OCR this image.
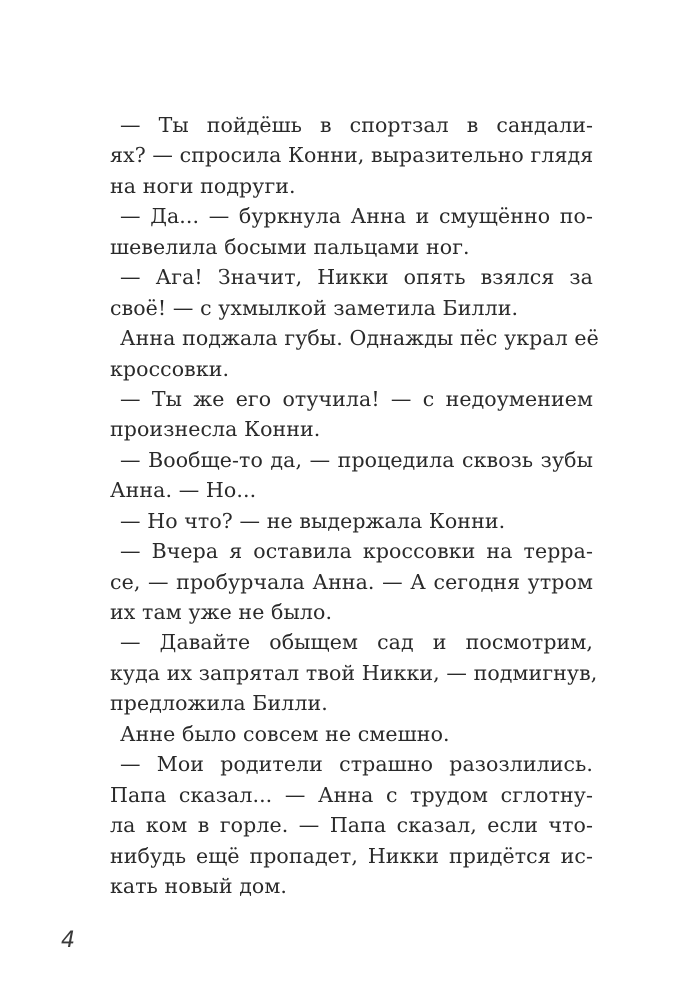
— Ты пойдёшь в спортзал в сандали-
ях? — спросила Конни, выразительно глядя
на ноги подруги.
— Да... — буркнула Анна и смущённо по-
шевелила босыми пальцами ног.
— Ага! Значит, Никки опять взялся за
своё! — с ухмылкой заметила Билли.
Анна поджала губы. Однажды пёс украл её
кроссовки.
— Ты же его отучила! — с недоумением
произнесла Конни.
— Вообще-то да, — процедила сквозь зубы
Анна. — Но...
— Но что? — не выдержала Конни.
— Вчера я оставила кроссовки на терра-
се, — пробурчала Анна. — А сегодня утром
их там уже не было.
— Давайте обыщем сад и посмотрим,
куда их запрятал твой Никки, — подмигнув,
предложила Билли.
Анне было совсем не смешно.
— Мои родители страшно разозлились.
Папа сказал... — Анна с трудом сглотну-
ла ком в горле. — Папа сказал, если что-
нибудь ещё пропадет, Никки придётся ис-
кать новый дом.
4
